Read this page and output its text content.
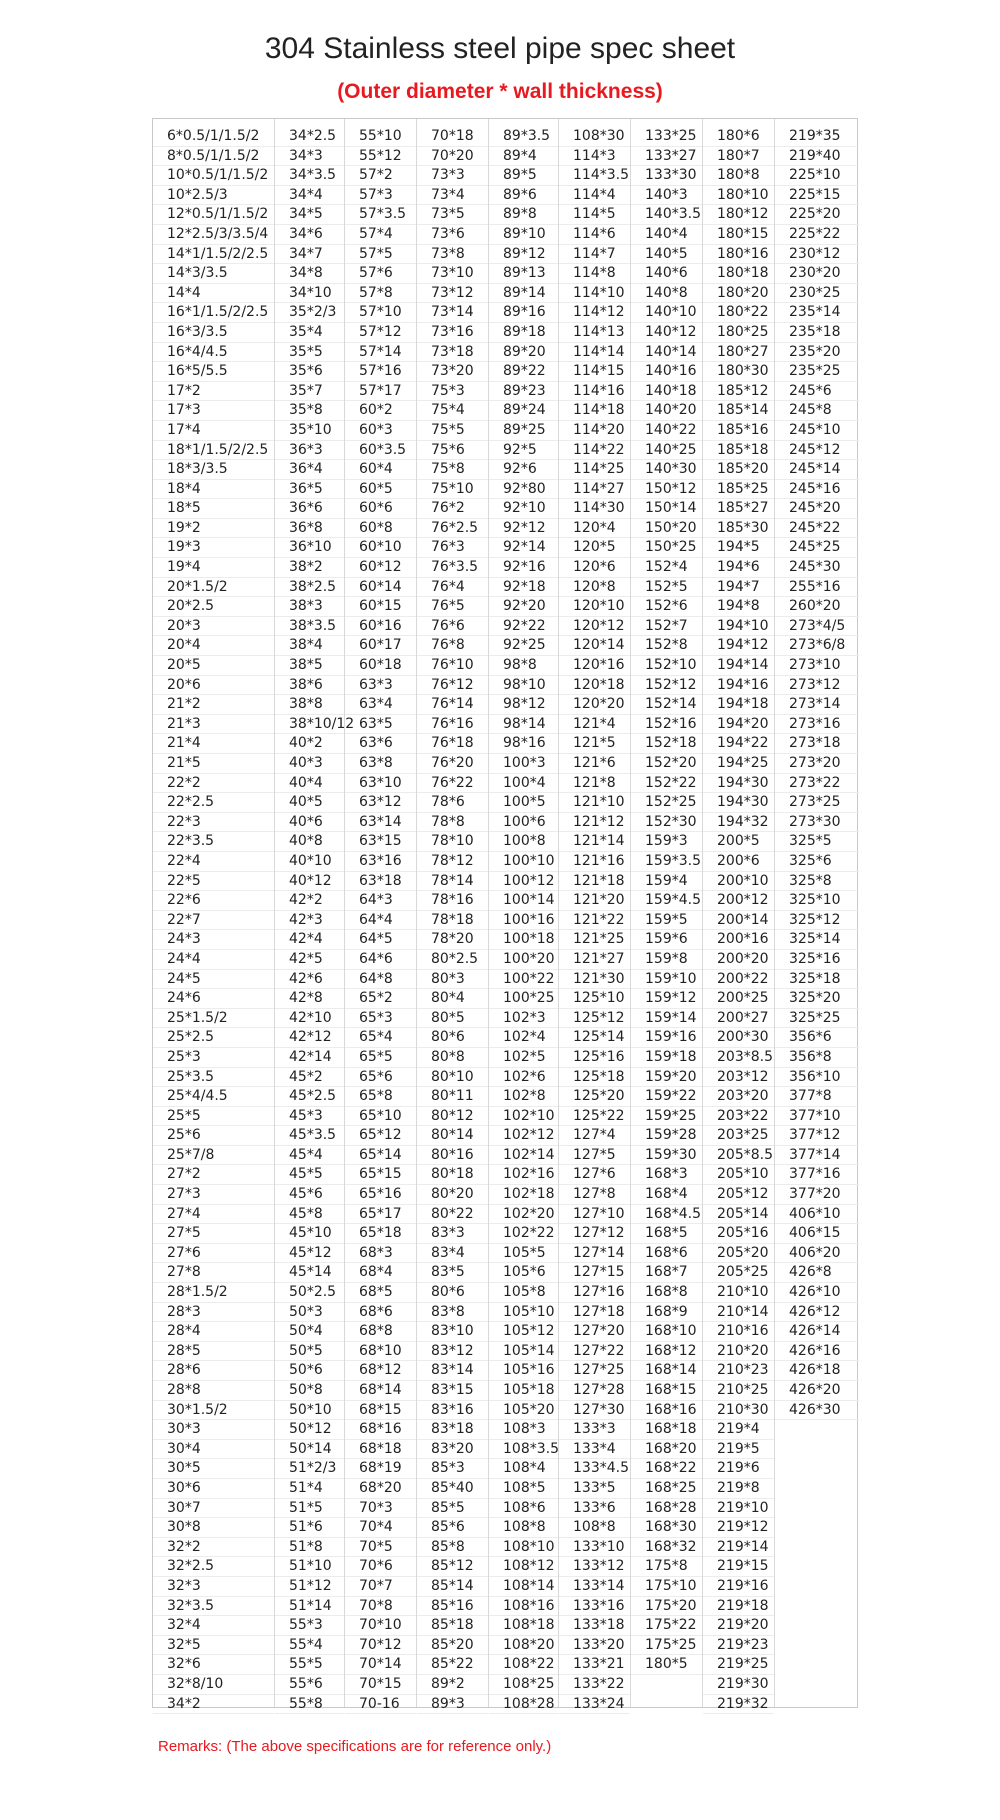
304 Stainless steel pipe spec sheet
(Outer diameter * wall thickness)
6*0.5/1/1.5/2
8*0.5/1/1.5/2
10*0.5/1/1.5/2
10*2.5/3
12*0.5/1/1.5/2
12*2.5/3/3.5/4
14*1/1.5/2/2.5
14*3/3.5
14*4
16*1/1.5/2/2.5
16*3/3.5
16*4/4.5
16*5/5.5
17*2
17*3
17*4
18*1/1.5/2/2.5
18*3/3.5
18*4
18*5
19*2
19*3
19*4
20*1.5/2
20*2.5
20*3
20*4
20*5
20*6
21*2
21*3
21*4
21*5
22*2
22*2.5
22*3
22*3.5
22*4
22*5
22*6
22*7
24*3
24*4
24*5
24*6
25*1.5/2
25*2.5
25*3
25*3.5
25*4/4.5
25*5
25*6
25*7/8
27*2
27*3
27*4
27*5
27*6
27*8
28*1.5/2
28*3
28*4
28*5
28*6
28*8
30*1.5/2
30*3
30*4
30*5
30*6
30*7
30*8
32*2
32*2.5
32*3
32*3.5
32*4
32*5
32*6
32*8/10
34*2
34*2.5
34*3
34*3.5
34*4
34*5
34*6
34*7
34*8
34*10
35*2/3
35*4
35*5
35*6
35*7
35*8
35*10
36*3
36*4
36*5
36*6
36*8
36*10
38*2
38*2.5
38*3
38*3.5
38*4
38*5
38*6
38*8
38*10/12
40*2
40*3
40*4
40*5
40*6
40*8
40*10
40*12
42*2
42*3
42*4
42*5
42*6
42*8
42*10
42*12
42*14
45*2
45*2.5
45*3
45*3.5
45*4
45*5
45*6
45*8
45*10
45*12
45*14
50*2.5
50*3
50*4
50*5
50*6
50*8
50*10
50*12
50*14
51*2/3
51*4
51*5
51*6
51*8
51*10
51*12
51*14
55*3
55*4
55*5
55*6
55*8
55*10
55*12
57*2
57*3
57*3.5
57*4
57*5
57*6
57*8
57*10
57*12
57*14
57*16
57*17
60*2
60*3
60*3.5
60*4
60*5
60*6
60*8
60*10
60*12
60*14
60*15
60*16
60*17
60*18
63*3
63*4
63*5
63*6
63*8
63*10
63*12
63*14
63*15
63*16
63*18
64*3
64*4
64*5
64*6
64*8
65*2
65*3
65*4
65*5
65*6
65*8
65*10
65*12
65*14
65*15
65*16
65*17
65*18
68*3
68*4
68*5
68*6
68*8
68*10
68*12
68*14
68*15
68*16
68*18
68*19
68*20
70*3
70*4
70*5
70*6
70*7
70*8
70*10
70*12
70*14
70*15
70-16
70*18
70*20
73*3
73*4
73*5
73*6
73*8
73*10
73*12
73*14
73*16
73*18
73*20
75*3
75*4
75*5
75*6
75*8
75*10
76*2
76*2.5
76*3
76*3.5
76*4
76*5
76*6
76*8
76*10
76*12
76*14
76*16
76*18
76*20
76*22
78*6
78*8
78*10
78*12
78*14
78*16
78*18
78*20
80*2.5
80*3
80*4
80*5
80*6
80*8
80*10
80*11
80*12
80*14
80*16
80*18
80*20
80*22
83*3
83*4
83*5
80*6
83*8
83*10
83*12
83*14
83*15
83*16
83*18
83*20
85*3
85*40
85*5
85*6
85*8
85*12
85*14
85*16
85*18
85*20
85*22
89*2
89*3
89*3.5
89*4
89*5
89*6
89*8
89*10
89*12
89*13
89*14
89*16
89*18
89*20
89*22
89*23
89*24
89*25
92*5
92*6
92*80
92*10
92*12
92*14
92*16
92*18
92*20
92*22
92*25
98*8
98*10
98*12
98*14
98*16
100*3
100*4
100*5
100*6
100*8
100*10
100*12
100*14
100*16
100*18
100*20
100*22
100*25
102*3
102*4
102*5
102*6
102*8
102*10
102*12
102*14
102*16
102*18
102*20
102*22
105*5
105*6
105*8
105*10
105*12
105*14
105*16
105*18
105*20
108*3
108*3.5
108*4
108*5
108*6
108*8
108*10
108*12
108*14
108*16
108*18
108*20
108*22
108*25
108*28
108*30
114*3
114*3.5
114*4
114*5
114*6
114*7
114*8
114*10
114*12
114*13
114*14
114*15
114*16
114*18
114*20
114*22
114*25
114*27
114*30
120*4
120*5
120*6
120*8
120*10
120*12
120*14
120*16
120*18
120*20
121*4
121*5
121*6
121*8
121*10
121*12
121*14
121*16
121*18
121*20
121*22
121*25
121*27
121*30
125*10
125*12
125*14
125*16
125*18
125*20
125*22
127*4
127*5
127*6
127*8
127*10
127*12
127*14
127*15
127*16
127*18
127*20
127*22
127*25
127*28
127*30
133*3
133*4
133*4.5
133*5
133*6
108*8
133*10
133*12
133*14
133*16
133*18
133*20
133*21
133*22
133*24
133*25
133*27
133*30
140*3
140*3.5
140*4
140*5
140*6
140*8
140*10
140*12
140*14
140*16
140*18
140*20
140*22
140*25
140*30
150*12
150*14
150*20
150*25
152*4
152*5
152*6
152*7
152*8
152*10
152*12
152*14
152*16
152*18
152*20
152*22
152*25
152*30
159*3
159*3.5
159*4
159*4.5
159*5
159*6
159*8
159*10
159*12
159*14
159*16
159*18
159*20
159*22
159*25
159*28
159*30
168*3
168*4
168*4.5
168*5
168*6
168*7
168*8
168*9
168*10
168*12
168*14
168*15
168*16
168*18
168*20
168*22
168*25
168*28
168*30
168*32
175*8
175*10
175*20
175*22
175*25
180*5
180*6
180*7
180*8
180*10
180*12
180*15
180*16
180*18
180*20
180*22
180*25
180*27
180*30
185*12
185*14
185*16
185*18
185*20
185*25
185*27
185*30
194*5
194*6
194*7
194*8
194*10
194*12
194*14
194*16
194*18
194*20
194*22
194*25
194*30
194*30
194*32
200*5
200*6
200*10
200*12
200*14
200*16
200*20
200*22
200*25
200*27
200*30
203*8.5
203*12
203*20
203*22
203*25
205*8.5
205*10
205*12
205*14
205*16
205*20
205*25
210*10
210*14
210*16
210*20
210*23
210*25
210*30
219*4
219*5
219*6
219*8
219*10
219*12
219*14
219*15
219*16
219*18
219*20
219*23
219*25
219*30
219*32
219*35
219*40
225*10
225*15
225*20
225*22
230*12
230*20
230*25
235*14
235*18
235*20
235*25
245*6
245*8
245*10
245*12
245*14
245*16
245*20
245*22
245*25
245*30
255*16
260*20
273*4/5
273*6/8
273*10
273*12
273*14
273*16
273*18
273*20
273*22
273*25
273*30
325*5
325*6
325*8
325*10
325*12
325*14
325*16
325*18
325*20
325*25
356*6
356*8
356*10
377*8
377*10
377*12
377*14
377*16
377*20
406*10
406*15
406*20
426*8
426*10
426*12
426*14
426*16
426*18
426*20
426*30
Remarks: (The above specifications are for reference only.)
